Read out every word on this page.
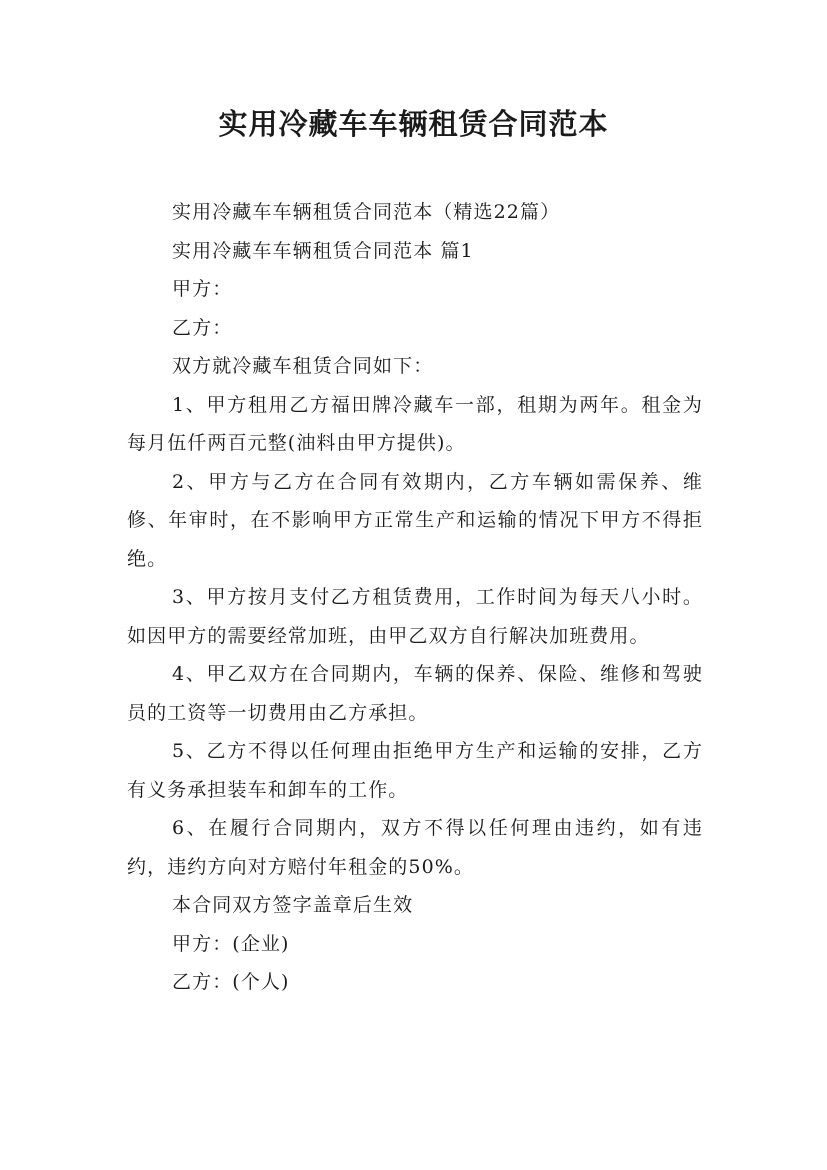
实用冷藏车车辆租赁合同范本

实用冷藏车车辆租赁合同范本（精选22篇）

实用冷藏车车辆租赁合同范本 篇1

甲方：

乙方：

双方就冷藏车租赁合同如下：

1、甲方租用乙方福田牌冷藏车一部，租期为两年。租金为每月伍仟两百元整(油料由甲方提供)。

2、甲方与乙方在合同有效期内，乙方车辆如需保养、维修、年审时，在不影响甲方正常生产和运输的情况下甲方不得拒绝。

3、甲方按月支付乙方租赁费用，工作时间为每天八小时。如因甲方的需要经常加班，由甲乙双方自行解决加班费用。

4、甲乙双方在合同期内，车辆的保养、保险、维修和驾驶员的工资等一切费用由乙方承担。

5、乙方不得以任何理由拒绝甲方生产和运输的安排，乙方有义务承担装车和卸车的工作。

6、在履行合同期内，双方不得以任何理由违约，如有违约，违约方向对方赔付年租金的50%。

本合同双方签字盖章后生效

甲方：(企业)

乙方：(个人)
